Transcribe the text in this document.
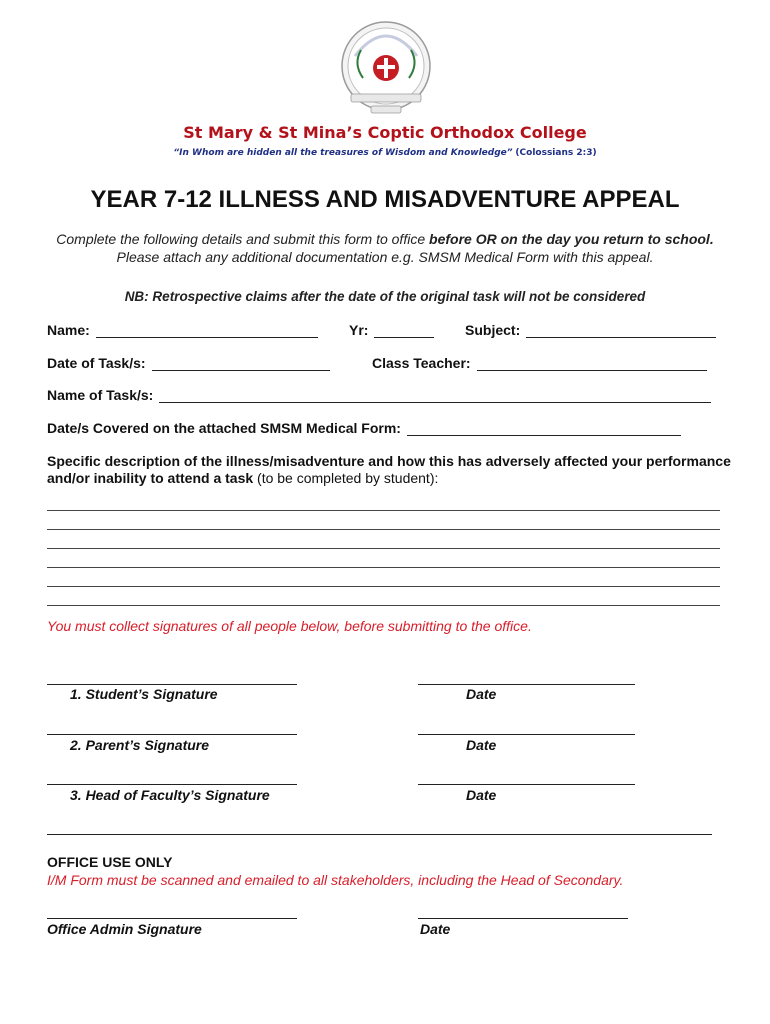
St Mary & St Mina’s Coptic Orthodox College
“In Whom are hidden all the treasures of Wisdom and Knowledge” (Colossians 2:3)
YEAR 7-12 ILLNESS AND MISADVENTURE APPEAL
Complete the following details and submit this form to office before OR on the day you return to school. Please attach any additional documentation e.g. SMSM Medical Form with this appeal.
NB: Retrospective claims after the date of the original task will not be considered
Name:	Yr:	Subject:
Date of Task/s:	Class Teacher:
Name of Task/s:
Date/s Covered on the attached SMSM Medical Form:
Specific description of the illness/misadventure and how this has adversely affected your performance and/or inability to attend a task (to be completed by student):
You must collect signatures of all people below, before submitting to the office.
1. Student’s Signature	Date
2. Parent’s Signature	Date
3. Head of Faculty’s Signature	Date
OFFICE USE ONLY
I/M Form must be scanned and emailed to all stakeholders, including the Head of Secondary.
Office Admin Signature	Date
